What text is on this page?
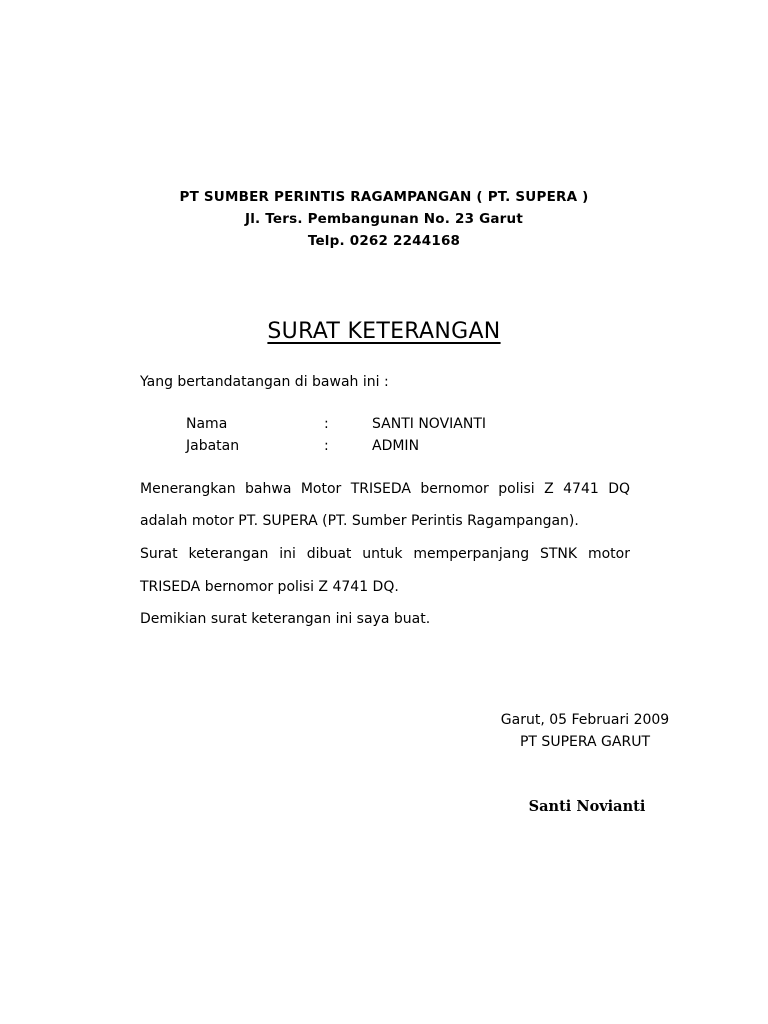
PT SUMBER PERINTIS RAGAMPANGAN ( PT. SUPERA )
Jl. Ters. Pembangunan No. 23 Garut
Telp. 0262 2244168
SURAT KETERANGAN
Yang bertandatangan di bawah ini :
Nama	:	SANTI NOVIANTI
Jabatan	:	ADMIN
Menerangkan bahwa Motor TRISEDA bernomor polisi Z 4741 DQ
adalah motor PT. SUPERA (PT. Sumber Perintis Ragampangan).
Surat keterangan ini dibuat untuk memperpanjang STNK motor
TRISEDA bernomor polisi Z 4741 DQ.
Demikian surat keterangan ini saya buat.
Garut, 05 Februari 2009
PT SUPERA GARUT
Santi Novianti
